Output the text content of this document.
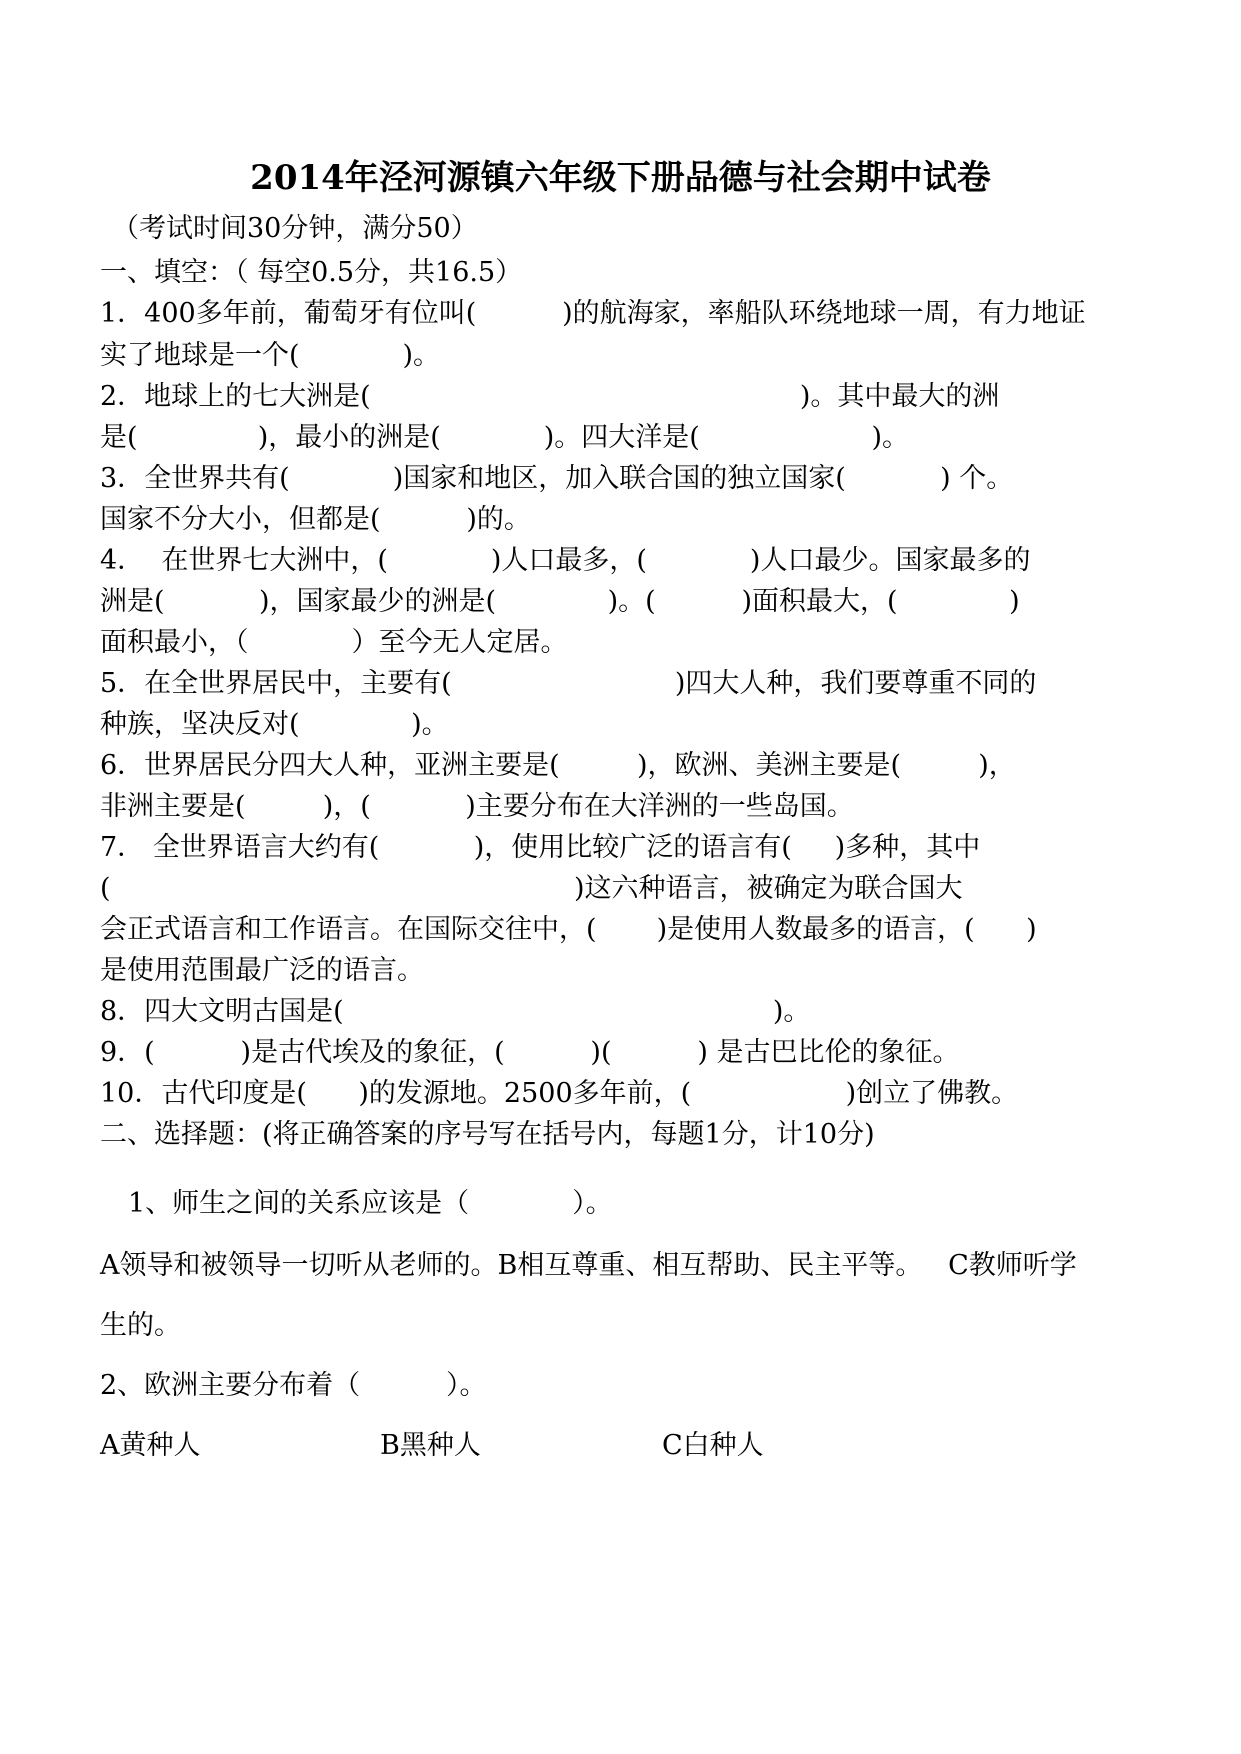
2014年泾河源镇六年级下册品德与社会期中试卷
（考试时间30分钟，满分50）
一、填空：（ 每空0.5分，共16.5）
1．400多年前，葡萄牙有位叫(          )的航海家，率船队环绕地球一周，有力地证
实了地球是一个(            )。
2．地球上的七大洲是(                                                  )。其中最大的洲
是(              )，最小的洲是(            )。四大洋是(                    )。
3．全世界共有(            )国家和地区，加入联合国的独立国家(           ) 个。
国家不分大小，但都是(          )的。
4．  在世界七大洲中，(            )人口最多，(            )人口最少。国家最多的
洲是(           )，国家最少的洲是(             )。(          )面积最大，(             )
面积最小，（            ）至今无人定居。
5．在全世界居民中，主要有(                          )四大人种，我们要尊重不同的
种族，坚决反对(             )。
6．世界居民分四大人种，亚洲主要是(         )，欧洲、美洲主要是(         )，
非洲主要是(         )，(           )主要分布在大洋洲的一些岛国。
7． 全世界语言大约有(           )，使用比较广泛的语言有(     )多种，其中
(                                                      )这六种语言，被确定为联合国大
会正式语言和工作语言。在国际交往中，(       )是使用人数最多的语言，(      )
是使用范围最广泛的语言。
8．四大文明古国是(                                                  )。
9．(          )是古代埃及的象征，(          )(          ) 是古巴比伦的象征。
10．古代印度是(      )的发源地。2500多年前，(                  )创立了佛教。
二、选择题：(将正确答案的序号写在括号内，每题1分，计10分)
1、师生之间的关系应该是（            ）。
A领导和被领导一切听从老师的。B相互尊重、相互帮助、民主平等。   C教师听学
生的。
2、欧洲主要分布着（          ）。
A黄种人	B黑种人	C白种人
